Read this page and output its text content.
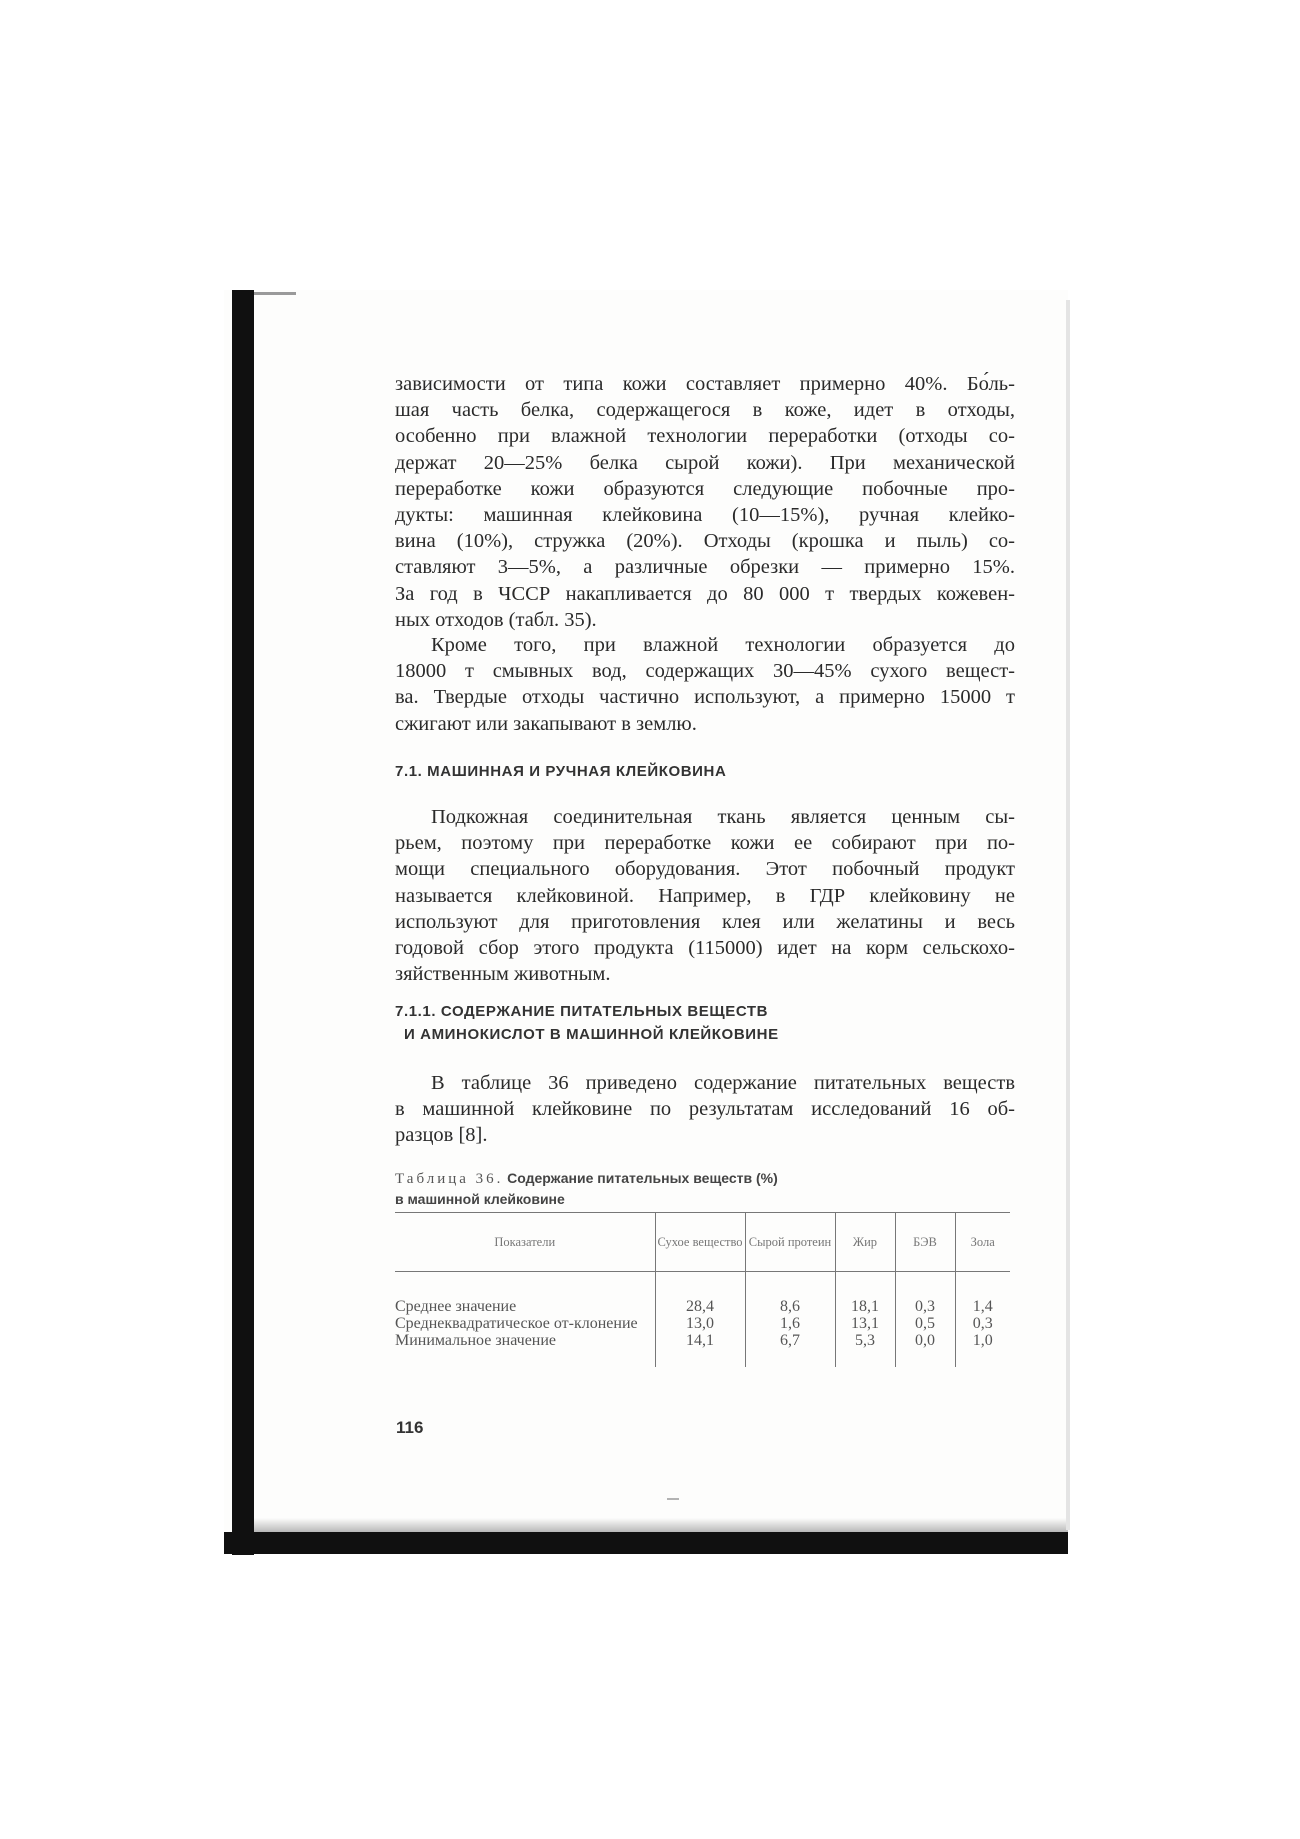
зависимости от типа кожи составляет примерно 40%. Бо́ль-
шая часть белка, содержащегося в коже, идет в отходы,
особенно при влажной технологии переработки (отходы со-
держат 20—25% белка сырой кожи). При механической
переработке кожи образуются следующие побочные про-
дукты: машинная клейковина (10—15%), ручная клейко-
вина (10%), стружка (20%). Отходы (крошка и пыль) со-
ставляют 3—5%, а различные обрезки — примерно 15%.
За год в ЧССР накапливается до 80 000 т твердых кожевен-
ных отходов (табл. 35).
Кроме того, при влажной технологии образуется до
18000 т смывных вод, содержащих 30—45% сухого вещест-
ва. Твердые отходы частично используют, а примерно 15000 т
сжигают или закапывают в землю.
7.1. МАШИННАЯ И РУЧНАЯ КЛЕЙКОВИНА
Подкожная соединительная ткань является ценным сы-
рьем, поэтому при переработке кожи ее собирают при по-
мощи специального оборудования. Этот побочный продукт
называется клейковиной. Например, в ГДР клейковину не
используют для приготовления клея или желатины и весь
годовой сбор этого продукта (115000) идет на корм сельскохо-
зяйственным животным.
7.1.1. СОДЕРЖАНИЕ ПИТАТЕЛЬНЫХ ВЕЩЕСТВ
И АМИНОКИСЛОТ В МАШИННОЙ КЛЕЙКОВИНЕ
В таблице 36 приведено содержание питательных веществ
в машинной клейковине по результатам исследований 16 об-
разцов [8].
Таблица 36. Содержание питательных веществ (%)
в машинной клейковине
Показатели	Сухое вещество	Сырой протеин	Жир	БЭВ	Зола

Среднее значение	28,4	8,6	18,1	0,3	1,4
Среднеквадратическое от-клонение	13,0	1,6	13,1	0,5	0,3
Минимальное значение	14,1	6,7	5,3	0,0	1,0
116
